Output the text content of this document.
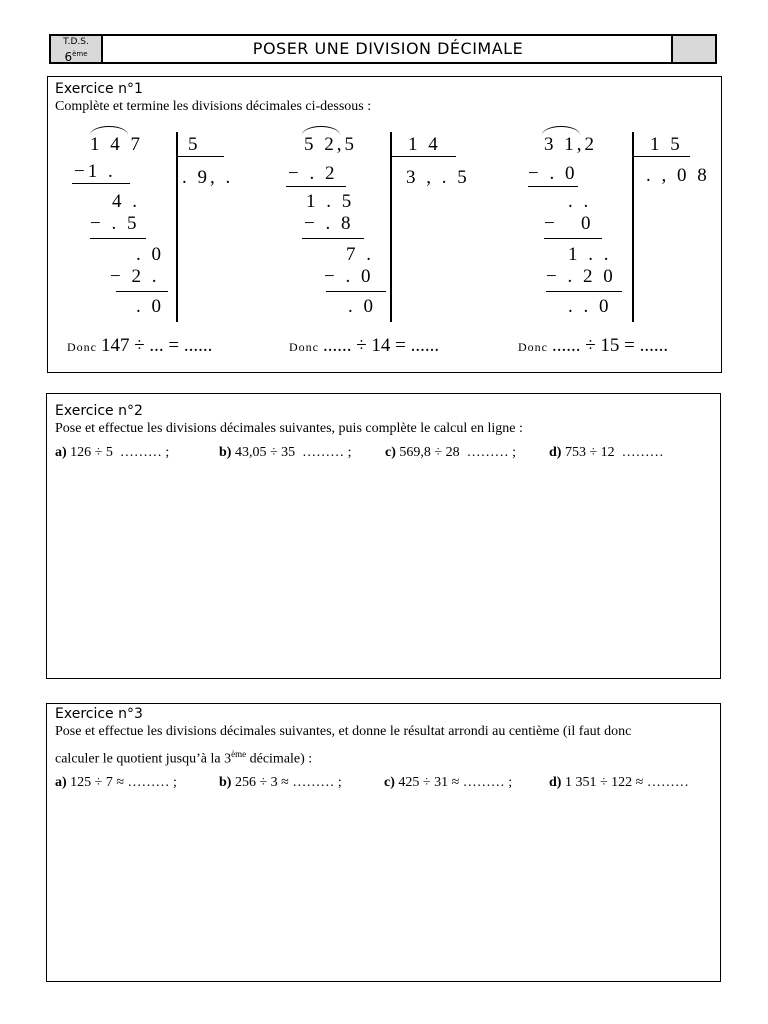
T.D.S.
6ème	POSER UNE DIVISION DÉCIMALE
Exercice n°1
Complète et termine les divisions décimales ci-dessous :
1 4 7 5
. 9, .
−1 .
4 .
− . 5
. 0
− 2 .
. 0
Donc 147 ÷ ... = ......
5 2,5	1 4
3 , . 5
− . 2
1 . 5
− . 8
7 .
− . 0
. 0
Donc ...... ÷ 14 = ......
3 1,2	1 5
. , 0 8
− . 0
. .
−   0
1 . .
− . 2 0
. . 0
Donc ...... ÷ 15 = ......
Exercice n°2
Pose et effectue les divisions décimales suivantes, puis complète le calcul en ligne :
a) 126 ÷ 5  ……… ;	b) 43,05 ÷ 35  ……… ; c) 569,8 ÷ 28  ……… ; d) 753 ÷ 12  ………
Exercice n°3
Pose et effectue les divisions décimales suivantes, et donne le résultat arrondi au centième (il faut donc
calculer le quotient jusqu’à la 3ème décimale) :
a) 125 ÷ 7 ≈ ……… ;	b) 256 ÷ 3 ≈ ……… ;	c) 425 ÷ 31 ≈ ……… ;	d) 1 351 ÷ 122 ≈ ………
